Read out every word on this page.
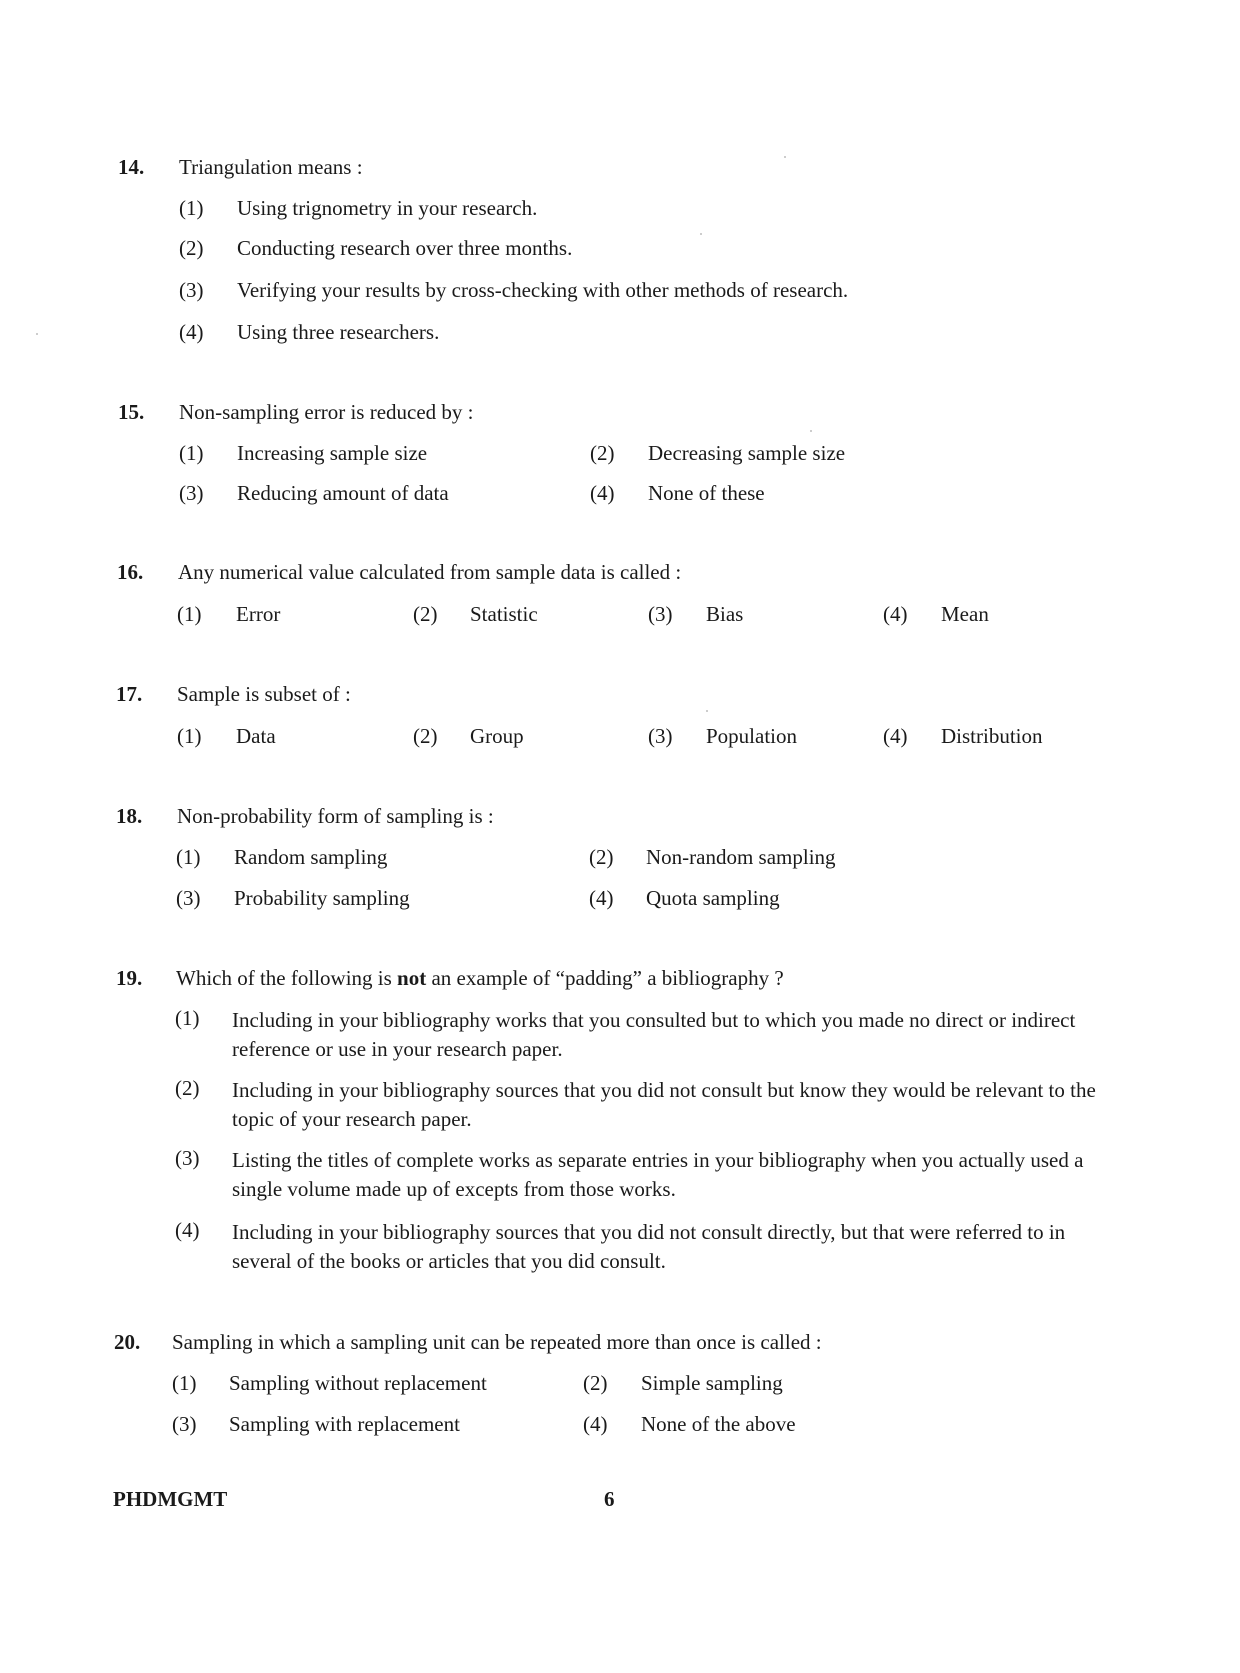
14. Triangulation means :
(1) Using trignometry in your research.
(2) Conducting research over three months.
(3) Verifying your results by cross-checking with other methods of research.
(4) Using three researchers.
15. Non-sampling error is reduced by :
(1) Increasing sample size	(2) Decreasing sample size
(3) Reducing amount of data	(4) None of these
16. Any numerical value calculated from sample data is called :
(1) Error	(2) Statistic	(3) Bias	(4) Mean
17. Sample is subset of :
(1) Data	(2) Group	(3) Population	(4) Distribution
18. Non-probability form of sampling is :
(1) Random sampling	(2) Non-random sampling
(3) Probability sampling	(4) Quota sampling
19. Which of the following is not an example of “padding” a bibliography ?
(1) Including in your bibliography works that you consulted but to which you made no direct or indirect reference or use in your research paper.
(2) Including in your bibliography sources that you did not consult but know they would be relevant to the topic of your research paper.
(3) Listing the titles of complete works as separate entries in your bibliography when you actually used a single volume made up of excepts from those works.
(4) Including in your bibliography sources that you did not consult directly, but that were referred to in several of the books or articles that you did consult.
20. Sampling in which a sampling unit can be repeated more than once is called :
(1) Sampling without replacement	(2) Simple sampling
(3) Sampling with replacement	(4) None of the above
PHDMGMT	6
